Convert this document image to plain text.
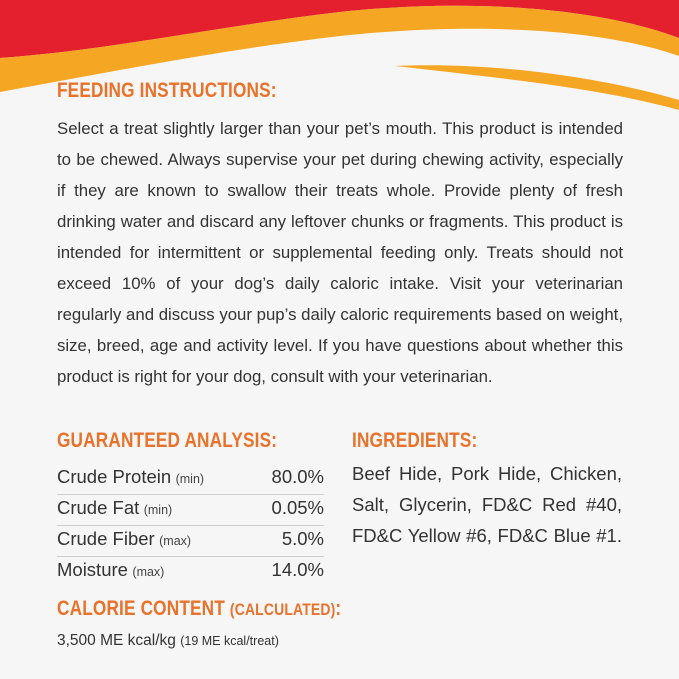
FEEDING INSTRUCTIONS:
Select a treat slightly larger than your pet’s mouth. This product is intended to be chewed. Always supervise your pet during chewing activity, especially if they are known to swallow their treats whole. Provide plenty of fresh drinking water and discard any leftover chunks or fragments. This product is intended for intermittent or supplemental feeding only. Treats should not exceed 10% of your dog’s daily caloric intake. Visit your veterinarian regularly and discuss your pup’s daily caloric requirements based on weight, size, breed, age and activity level. If you have questions about whether this product is right for your dog, consult with your veterinarian.
GUARANTEED ANALYSIS:
Crude Protein (min)	80.0%
Crude Fat (min)	0.05%
Crude Fiber (max)	5.0%
Moisture (max)	14.0%
INGREDIENTS:
Beef Hide, Pork Hide, Chicken, Salt, Glycerin, FD&C Red #40, FD&C Yellow #6, FD&C Blue #1.
CALORIE CONTENT (CALCULATED):
3,500 ME kcal/kg (19 ME kcal/treat)
